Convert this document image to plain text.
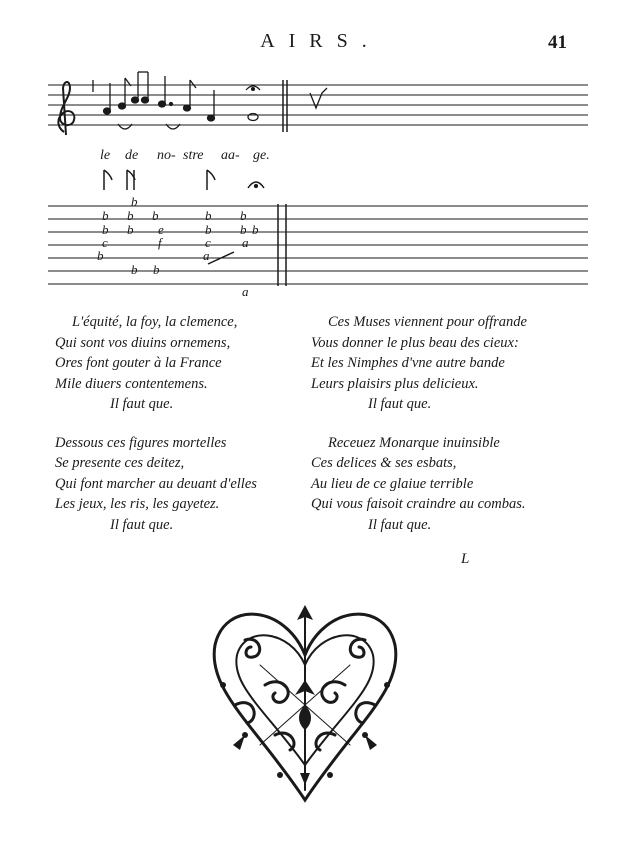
AIRS.	41
le de no- stre aa- ge.
b
b b b	b b
b b e	b b b
c	f	c a
b	a
b b
a
L'équité, la foy, la clemence,
Qui sont vos diuins ornemens,
Ores font gouter à la France
Mile diuers contentemens.
Il faut que.
Dessous ces figures mortelles
Se presente ces deitez,
Qui font marcher au deuant d'elles
Les jeux, les ris, les gayetez.
Il faut que.
Ces Muses viennent pour offrande
Vous donner le plus beau des cieux:
Et les Nimphes d'vne autre bande
Leurs plaisirs plus delicieux.
Il faut que.
Receuez Monarque inuinsible
Ces delices & ses esbats,
Au lieu de ce glaiue terrible
Qui vous faisoit craindre au combas.
Il faut que.
L
